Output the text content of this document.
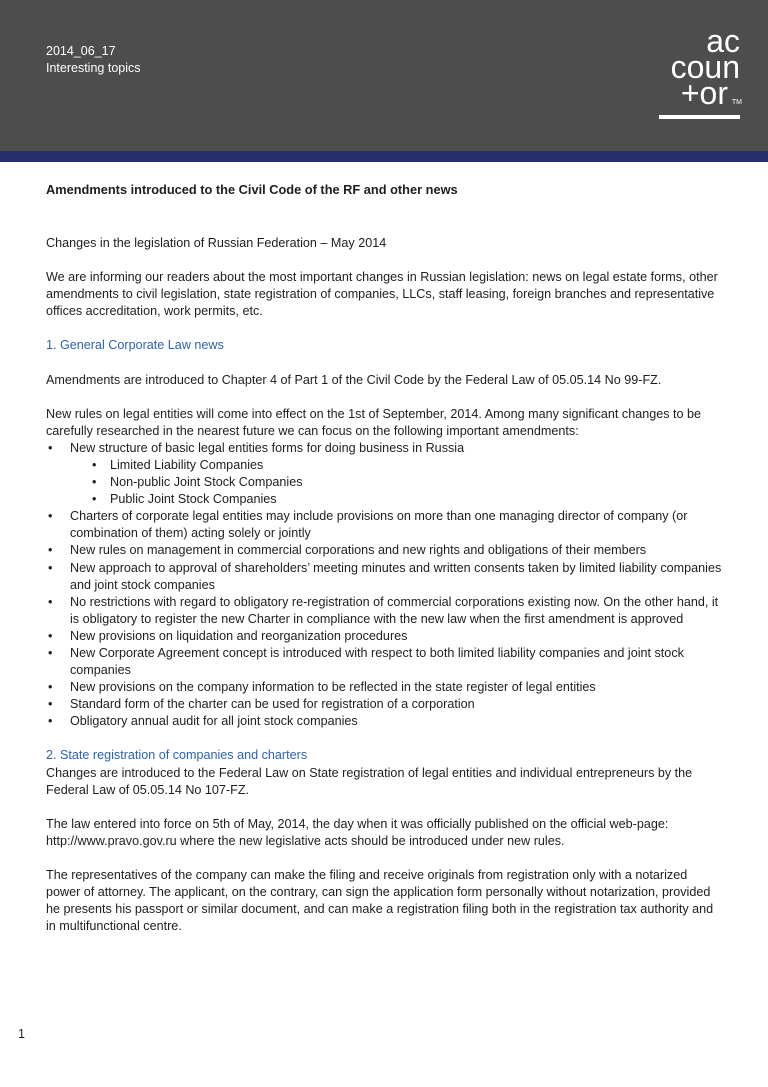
2014_06_17
Interesting topics
ac
coun
+or TM
Amendments introduced to the Civil Code of the RF and other news

Changes in the legislation of Russian Federation – May 2014

We are informing our readers about the most important changes in Russian legislation: news on legal estate forms, other amendments to civil legislation, state registration of companies, LLCs, staff leasing, foreign branches and representative offices accreditation, work permits, etc.

1. General Corporate Law news

Amendments are introduced to Chapter 4 of Part 1 of the Civil Code by the Federal Law of 05.05.14 No 99-FZ.

New rules on legal entities will come into effect on the 1st of September, 2014. Among many significant changes to be carefully researched in the nearest future we can focus on the following important amendments:

• New structure of basic legal entities forms for doing business in Russia
• Limited Liability Companies
• Non-public Joint Stock Companies
• Public Joint Stock Companies
• Charters of corporate legal entities may include provisions on more than one managing director of company (or combination of them) acting solely or jointly
• New rules on management in commercial corporations and new rights and obligations of their members
• New approach to approval of shareholders’ meeting minutes and written consents taken by limited liability companies and joint stock companies
• No restrictions with regard to obligatory re-registration of commercial corporations existing now. On the other hand, it is obligatory to register the new Charter in compliance with the new law when the first amendment is approved
• New provisions on liquidation and reorganization procedures
• New Corporate Agreement concept is introduced with respect to both limited liability companies and joint stock companies
• New provisions on the company information to be reflected in the state register of legal entities
• Standard form of the charter can be used for registration of a corporation
• Obligatory annual audit for all joint stock companies

2. State registration of companies and charters

Changes are introduced to the Federal Law on State registration of legal entities and individual entrepreneurs by the Federal Law of 05.05.14 No 107-FZ.

The law entered into force on 5th of May, 2014, the day when it was officially published on the official web-page: http://www.pravo.gov.ru where the new legislative acts should be introduced under new rules.

The representatives of the company can make the filing and receive originals from registration only with a notarized power of attorney. The applicant, on the contrary, can sign the application form personally without notarization, provided he presents his passport or similar document, and can make a registration filing both in the registration tax authority and in multifunctional centre.

1
